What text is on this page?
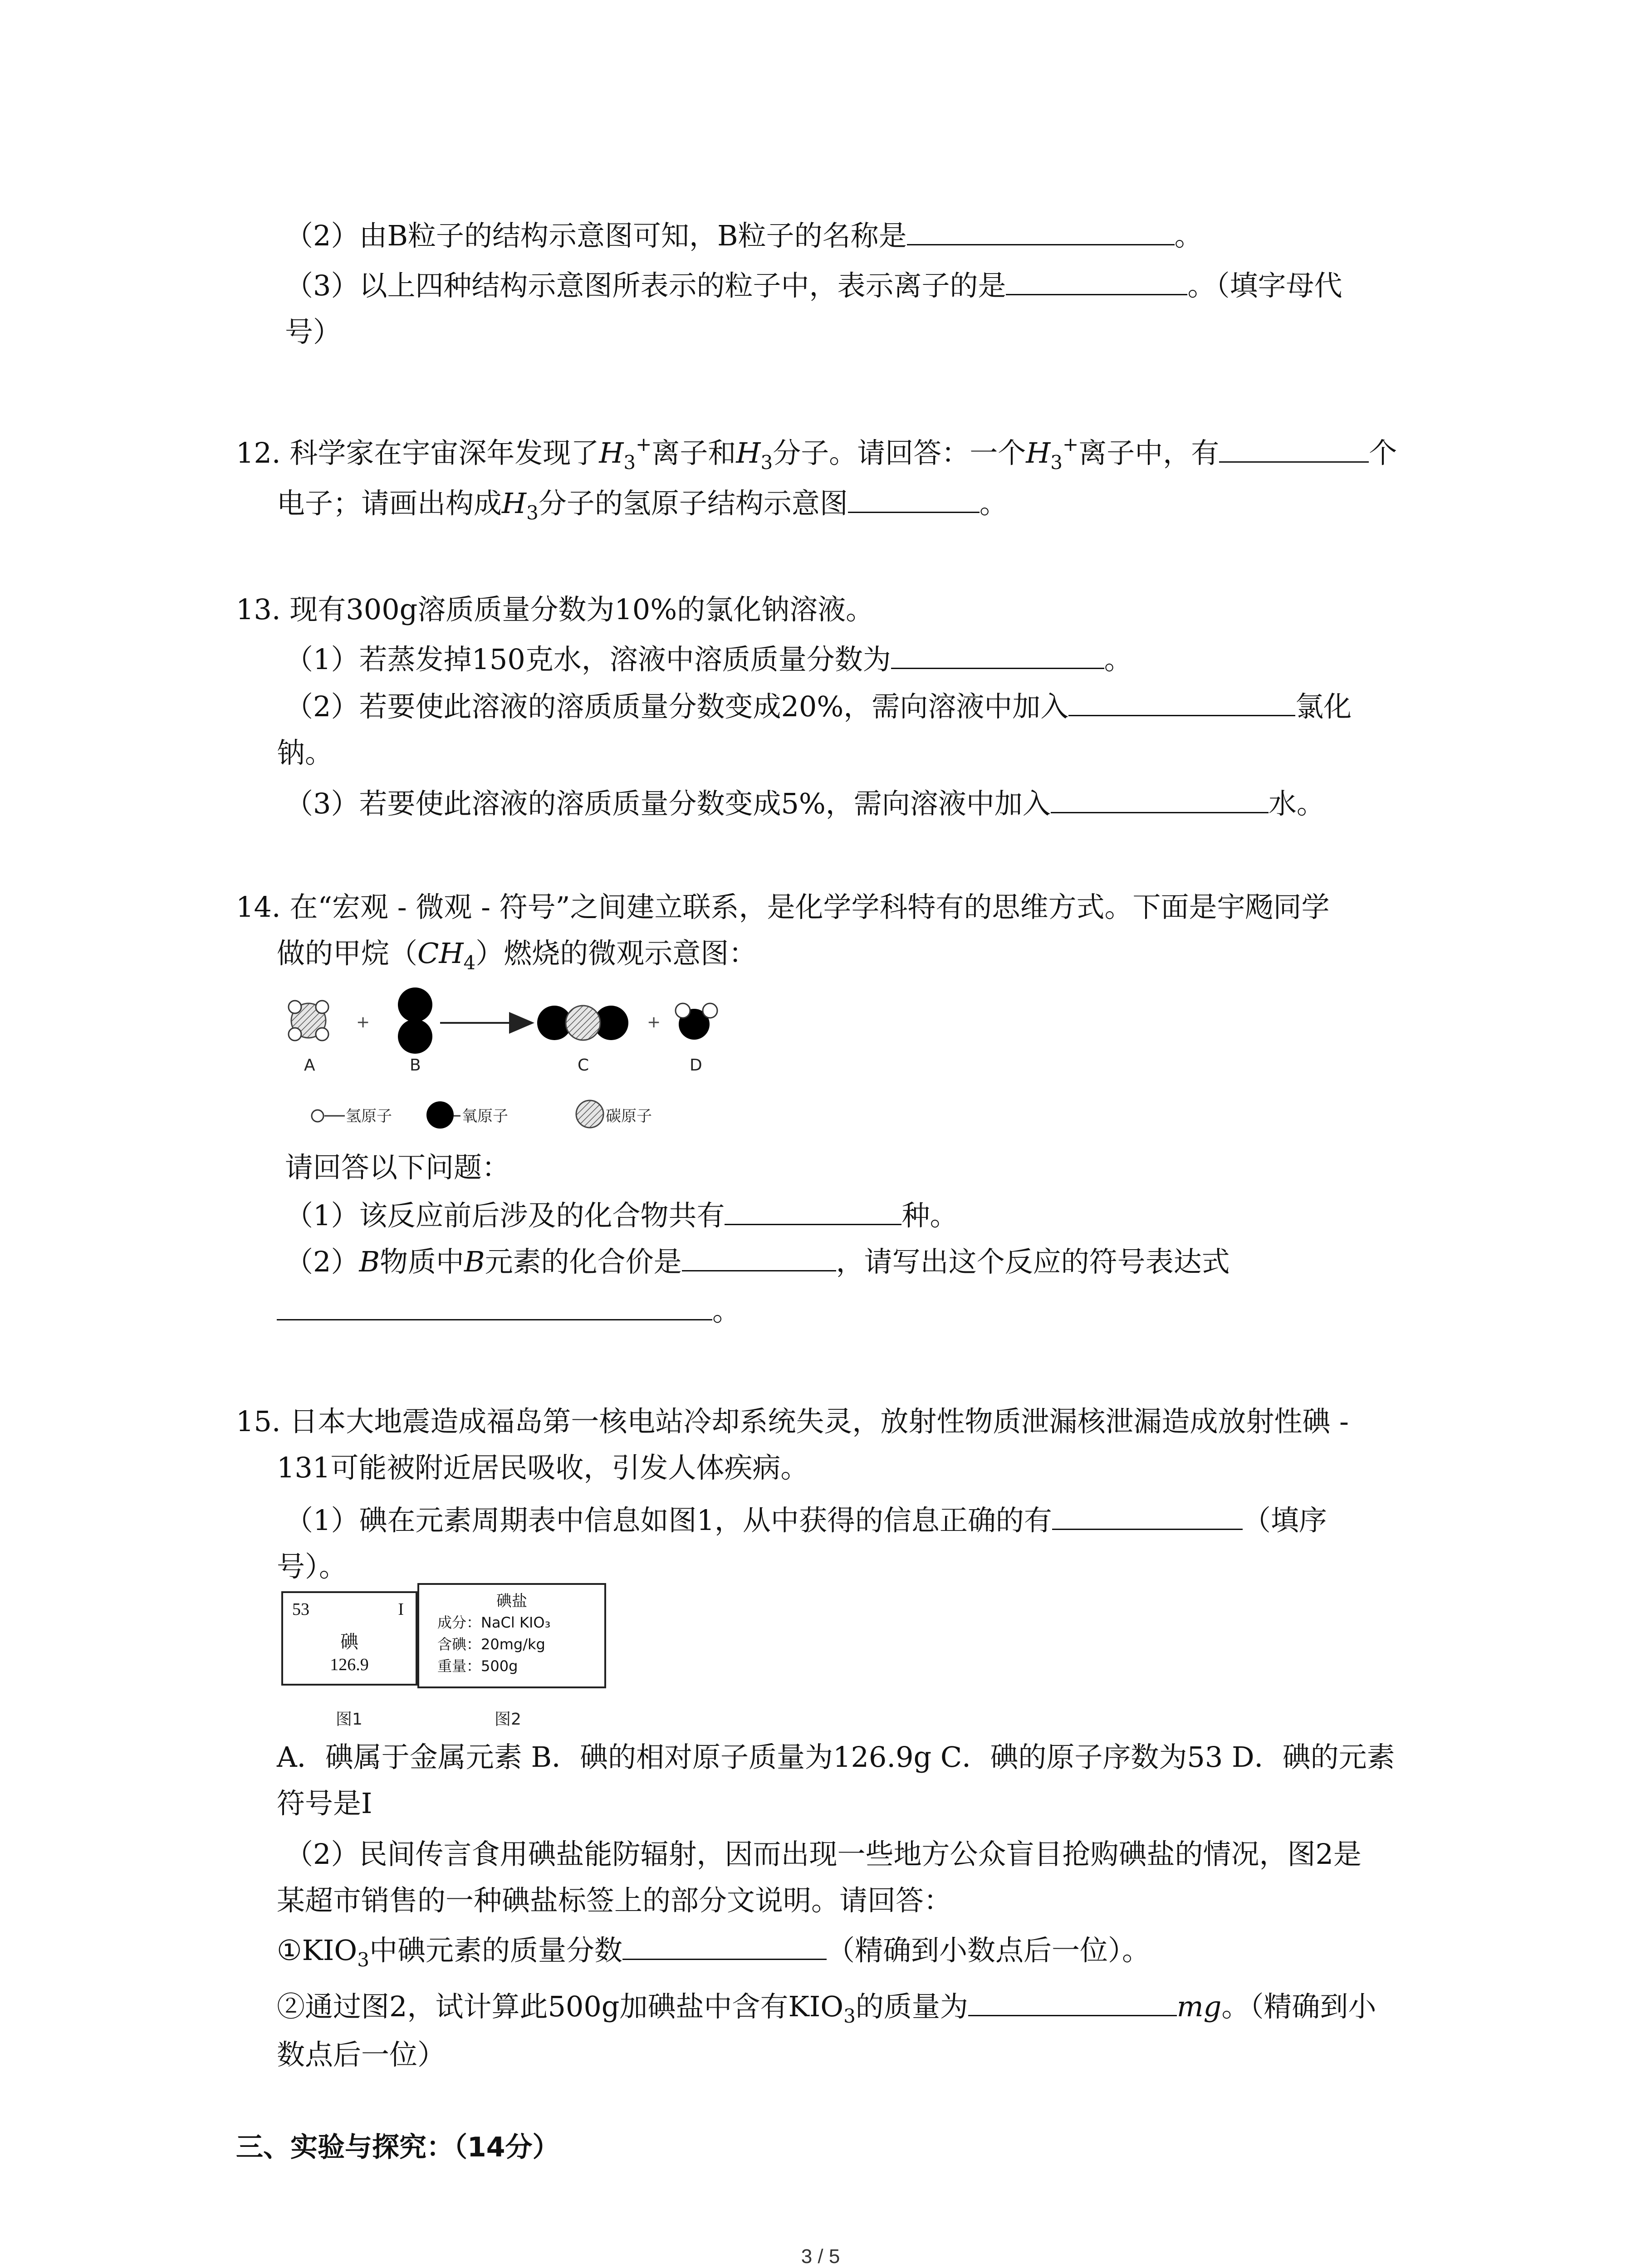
（2）由B粒子的结构示意图可知，B粒子的名称是	。
（3）以上四种结构示意图所表示的粒子中，表示离子的是	。（填字母代
号）
12. 科学家在宇宙深年发现了$H_3^+$离子和$H_3$分子。请回答：一个$H_3^+$离子中，有	个
电子；请画出构成$H_3$分子的氢原子结构示意图	。
13. 现有300g溶质质量分数为10%的氯化钠溶液。
（1）若蒸发掉150克水，溶液中溶质质量分数为	。
（2）若要使此溶液的溶质质量分数变成20%，需向溶液中加入	氯化
钠。
（3）若要使此溶液的溶质质量分数变成5%，需向溶液中加入	水。
14. 在“宏观 - 微观 - 符号”之间建立联系，是化学学科特有的思维方式。下面是宇飏同学
做的甲烷$(CH_4)$燃烧的微观示意图：
+	+
A	B	C	D
氢原子	氧原子	碳原子
请回答以下问题：
（1）该反应前后涉及的化合物共有	种。
（2）B物质中B元素的化合价是	，请写出这个反应的符号表达式
。
15. 日本大地震造成福岛第一核电站冷却系统失灵，放射性物质泄漏核泄漏造成放射性碘 -
131可能被附近居民吸收，引发人体疾病。
（1）碘在元素周期表中信息如图1，从中获得的信息正确的有	（填序
号）。
53	I
碘
126.9
图1
碘盐
成分：NaCl KIO₃
含碘：20mg/kg
重量：500g
图2
A．碘属于金属元素 B．碘的相对原子质量为126.9g C．碘的原子序数为53 D．碘的元素
符号是I
（2）民间传言食用碘盐能防辐射，因而出现一些地方公众盲目抢购碘盐的情况，图2是
某超市销售的一种碘盐标签上的部分文说明。请回答：
$①KIO_3$中碘元素的质量分数	（精确到小数点后一位）。
②通过图2，试计算此500g加碘盐中含有$KIO_3$的质量为	mg。（精确到小
数点后一位）
三、实验与探究：（14分）
3 / 5
